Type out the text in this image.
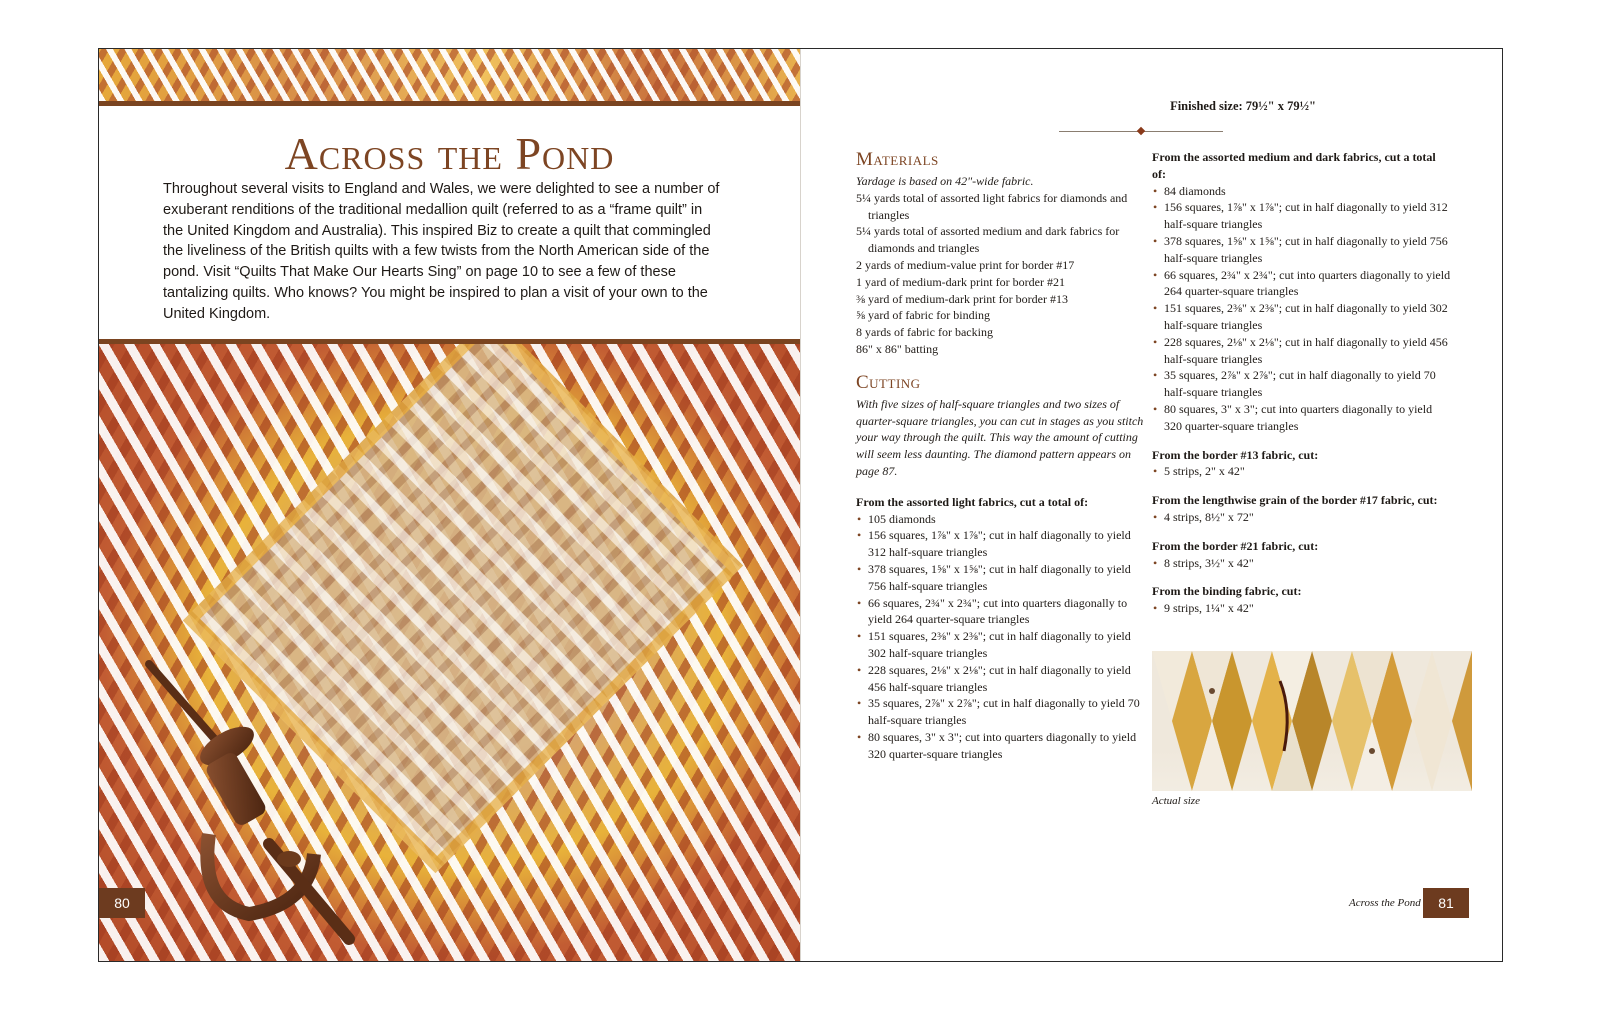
Across the Pond

Throughout several visits to England and Wales, we were delighted to see a number of exuberant renditions of the traditional medallion quilt (referred to as a “frame quilt” in the United Kingdom and Australia). This inspired Biz to create a quilt that commingled the liveliness of the British quilts with a few twists from the North American side of the pond. Visit “Quilts That Make Our Hearts Sing” on page 10 to see a few of these tantalizing quilts. Who knows? You might be inspired to plan a visit of your own to the United Kingdom.

80
Finished size: 79½" x 79½"
Materials

Yardage is based on 42"-wide fabric.

5¼ yards total of assorted light fabrics for diamonds and triangles
5¼ yards total of assorted medium and dark fabrics for diamonds and triangles
2 yards of medium-value print for border #17
1 yard of medium-dark print for border #21
⅜ yard of medium-dark print for border #13
⅝ yard of fabric for binding
8 yards of fabric for backing
86" x 86" batting
Cutting

With five sizes of half-square triangles and two sizes of quarter-square triangles, you can cut in stages as you stitch your way through the quilt. This way the amount of cutting will seem less daunting. The diamond pattern appears on page 87.

From the assorted light fabrics, cut a total of:

• 105 diamonds
• 156 squares, 1⅞" x 1⅞"; cut in half diagonally to yield 312 half-square triangles
• 378 squares, 1⅝" x 1⅝"; cut in half diagonally to yield 756 half-square triangles
• 66 squares, 2¾" x 2¾"; cut into quarters diagonally to yield 264 quarter-square triangles
• 151 squares, 2⅜" x 2⅜"; cut in half diagonally to yield 302 half-square triangles
• 228 squares, 2⅛" x 2⅛"; cut in half diagonally to yield 456 half-square triangles
• 35 squares, 2⅞" x 2⅞"; cut in half diagonally to yield 70 half-square triangles
• 80 squares, 3" x 3"; cut into quarters diagonally to yield 320 quarter-square triangles

From the assorted medium and dark fabrics, cut a total of:

• 84 diamonds
• 156 squares, 1⅞" x 1⅞"; cut in half diagonally to yield 312 half-square triangles
• 378 squares, 1⅝" x 1⅝"; cut in half diagonally to yield 756 half-square triangles
• 66 squares, 2¾" x 2¾"; cut into quarters diagonally to yield 264 quarter-square triangles
• 151 squares, 2⅜" x 2⅜"; cut in half diagonally to yield 302 half-square triangles
• 228 squares, 2⅛" x 2⅛"; cut in half diagonally to yield 456 half-square triangles
• 35 squares, 2⅞" x 2⅞"; cut in half diagonally to yield 70 half-square triangles
• 80 squares, 3" x 3"; cut into quarters diagonally to yield 320 quarter-square triangles

From the border #13 fabric, cut:

• 5 strips, 2" x 42"

From the lengthwise grain of the border #17 fabric, cut:

• 4 strips, 8½" x 72"

From the border #21 fabric, cut:

• 8 strips, 3½" x 42"

From the binding fabric, cut:

• 9 strips, 1¼" x 42"
Actual size
Across the Pond	81
